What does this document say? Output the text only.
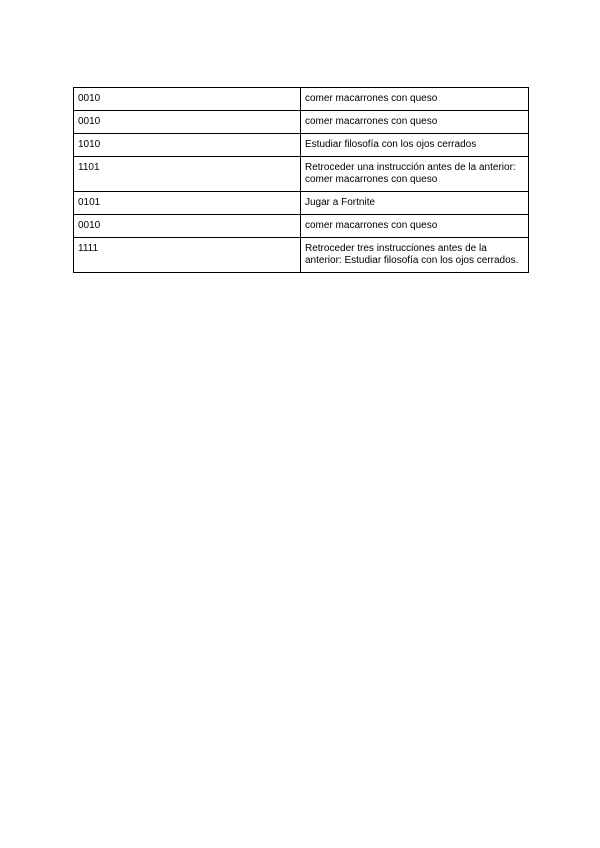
0010	comer macarrones con queso
0010	comer macarrones con queso
1010	Estudiar filosofía con los ojos cerrados
1101	Retroceder una instrucción antes de la anterior: comer macarrones con queso
0101	Jugar a Fortnite
0010	comer macarrones con queso
1111	Retroceder tres instrucciones antes de la anterior: Estudiar filosofía con los ojos cerrados.
